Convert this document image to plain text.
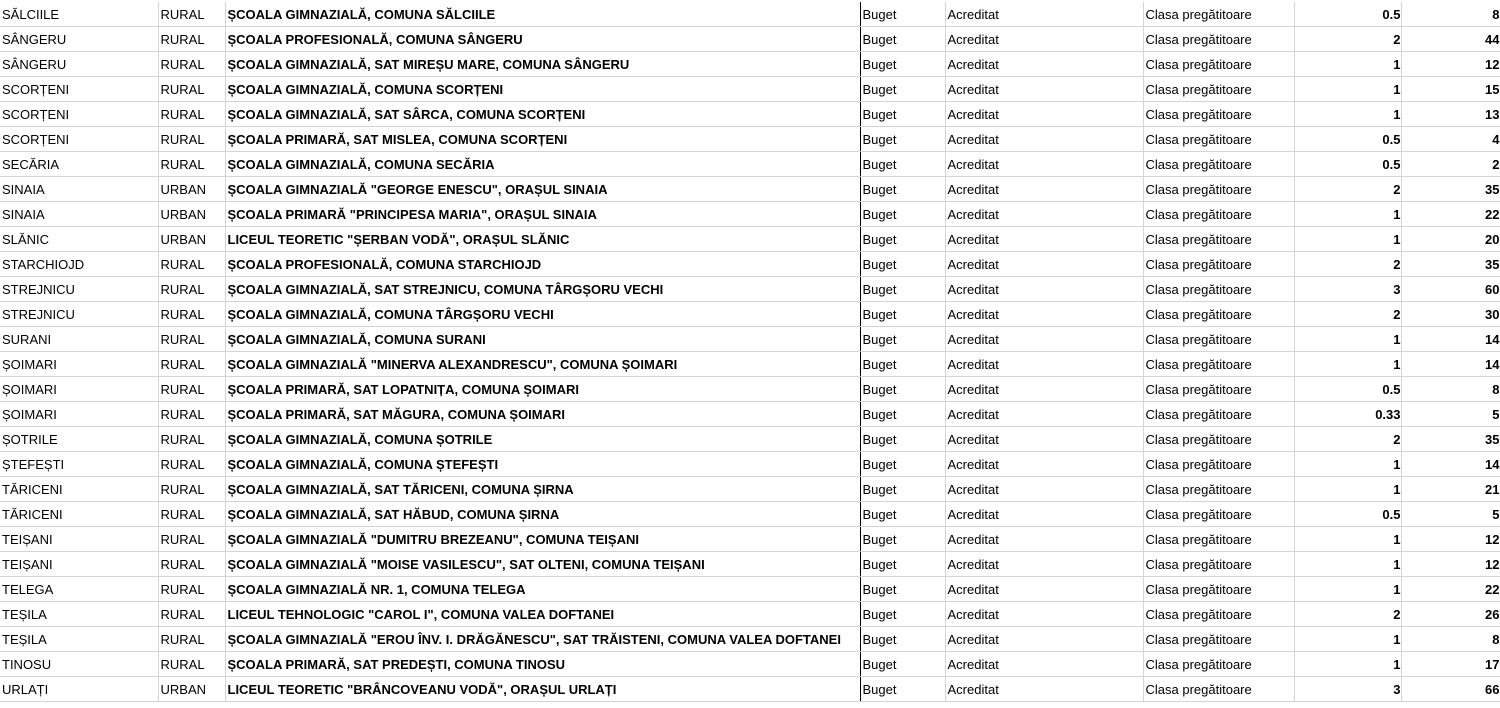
SĂLCIILE	RURAL	ȘCOALA GIMNAZIALĂ, COMUNA SĂLCIILE	Buget	Acreditat	Clasa pregătitoare	0.5	8
SÂNGERU	RURAL	ȘCOALA PROFESIONALĂ, COMUNA SÂNGERU	Buget	Acreditat	Clasa pregătitoare	2	44
SÂNGERU	RURAL	ȘCOALA GIMNAZIALĂ, SAT MIREȘU MARE, COMUNA SÂNGERU	Buget	Acreditat	Clasa pregătitoare	1	12
SCORȚENI	RURAL	ȘCOALA GIMNAZIALĂ, COMUNA SCORȚENI	Buget	Acreditat	Clasa pregătitoare	1	15
SCORȚENI	RURAL	ȘCOALA GIMNAZIALĂ, SAT SÂRCA, COMUNA SCORȚENI	Buget	Acreditat	Clasa pregătitoare	1	13
SCORȚENI	RURAL	ȘCOALA PRIMARĂ, SAT MISLEA, COMUNA SCORȚENI	Buget	Acreditat	Clasa pregătitoare	0.5	4
SECĂRIA	RURAL	ȘCOALA GIMNAZIALĂ, COMUNA SECĂRIA	Buget	Acreditat	Clasa pregătitoare	0.5	2
SINAIA	URBAN	ȘCOALA GIMNAZIALĂ "GEORGE ENESCU", ORAȘUL SINAIA	Buget	Acreditat	Clasa pregătitoare	2	35
SINAIA	URBAN	ȘCOALA PRIMARĂ "PRINCIPESA MARIA", ORAȘUL SINAIA	Buget	Acreditat	Clasa pregătitoare	1	22
SLĂNIC	URBAN	LICEUL TEORETIC "ȘERBAN VODĂ", ORAȘUL SLĂNIC	Buget	Acreditat	Clasa pregătitoare	1	20
STARCHIOJD	RURAL	ȘCOALA PROFESIONALĂ, COMUNA STARCHIOJD	Buget	Acreditat	Clasa pregătitoare	2	35
STREJNICU	RURAL	ȘCOALA GIMNAZIALĂ, SAT STREJNICU, COMUNA TÂRGȘORU VECHI	Buget	Acreditat	Clasa pregătitoare	3	60
STREJNICU	RURAL	ȘCOALA GIMNAZIALĂ, COMUNA TÂRGȘORU VECHI	Buget	Acreditat	Clasa pregătitoare	2	30
SURANI	RURAL	ȘCOALA GIMNAZIALĂ, COMUNA SURANI	Buget	Acreditat	Clasa pregătitoare	1	14
ȘOIMARI	RURAL	ȘCOALA GIMNAZIALĂ "MINERVA ALEXANDRESCU", COMUNA ȘOIMARI	Buget	Acreditat	Clasa pregătitoare	1	14
ȘOIMARI	RURAL	ȘCOALA PRIMARĂ, SAT LOPATNIȚA, COMUNA ȘOIMARI	Buget	Acreditat	Clasa pregătitoare	0.5	8
ȘOIMARI	RURAL	ȘCOALA PRIMARĂ, SAT MĂGURA, COMUNA ȘOIMARI	Buget	Acreditat	Clasa pregătitoare	0.33	5
ȘOTRILE	RURAL	ȘCOALA GIMNAZIALĂ, COMUNA ȘOTRILE	Buget	Acreditat	Clasa pregătitoare	2	35
ȘTEFEȘTI	RURAL	ȘCOALA GIMNAZIALĂ, COMUNA ȘTEFEȘTI	Buget	Acreditat	Clasa pregătitoare	1	14
TĂRICENI	RURAL	ȘCOALA GIMNAZIALĂ, SAT TĂRICENI, COMUNA ȘIRNA	Buget	Acreditat	Clasa pregătitoare	1	21
TĂRICENI	RURAL	ȘCOALA GIMNAZIALĂ, SAT HĂBUD, COMUNA ȘIRNA	Buget	Acreditat	Clasa pregătitoare	0.5	5
TEIȘANI	RURAL	ȘCOALA GIMNAZIALĂ "DUMITRU BREZEANU", COMUNA TEIȘANI	Buget	Acreditat	Clasa pregătitoare	1	12
TEIȘANI	RURAL	ȘCOALA GIMNAZIALĂ "MOISE VASILESCU", SAT OLTENI, COMUNA TEIȘANI	Buget	Acreditat	Clasa pregătitoare	1	12
TELEGA	RURAL	ȘCOALA GIMNAZIALĂ NR. 1, COMUNA TELEGA	Buget	Acreditat	Clasa pregătitoare	1	22
TEȘILA	RURAL	LICEUL TEHNOLOGIC "CAROL I", COMUNA VALEA DOFTANEI	Buget	Acreditat	Clasa pregătitoare	2	26
TEȘILA	RURAL	ȘCOALA GIMNAZIALĂ "EROU ÎNV. I. DRĂGĂNESCU", SAT TRĂISTENI, COMUNA VALEA DOFTANEI	Buget	Acreditat	Clasa pregătitoare	1	8
TINOSU	RURAL	ȘCOALA PRIMARĂ, SAT PREDEȘTI, COMUNA TINOSU	Buget	Acreditat	Clasa pregătitoare	1	17
URLAȚI	URBAN	LICEUL TEORETIC "BRÂNCOVEANU VODĂ", ORAȘUL URLAȚI	Buget	Acreditat	Clasa pregătitoare	3	66
